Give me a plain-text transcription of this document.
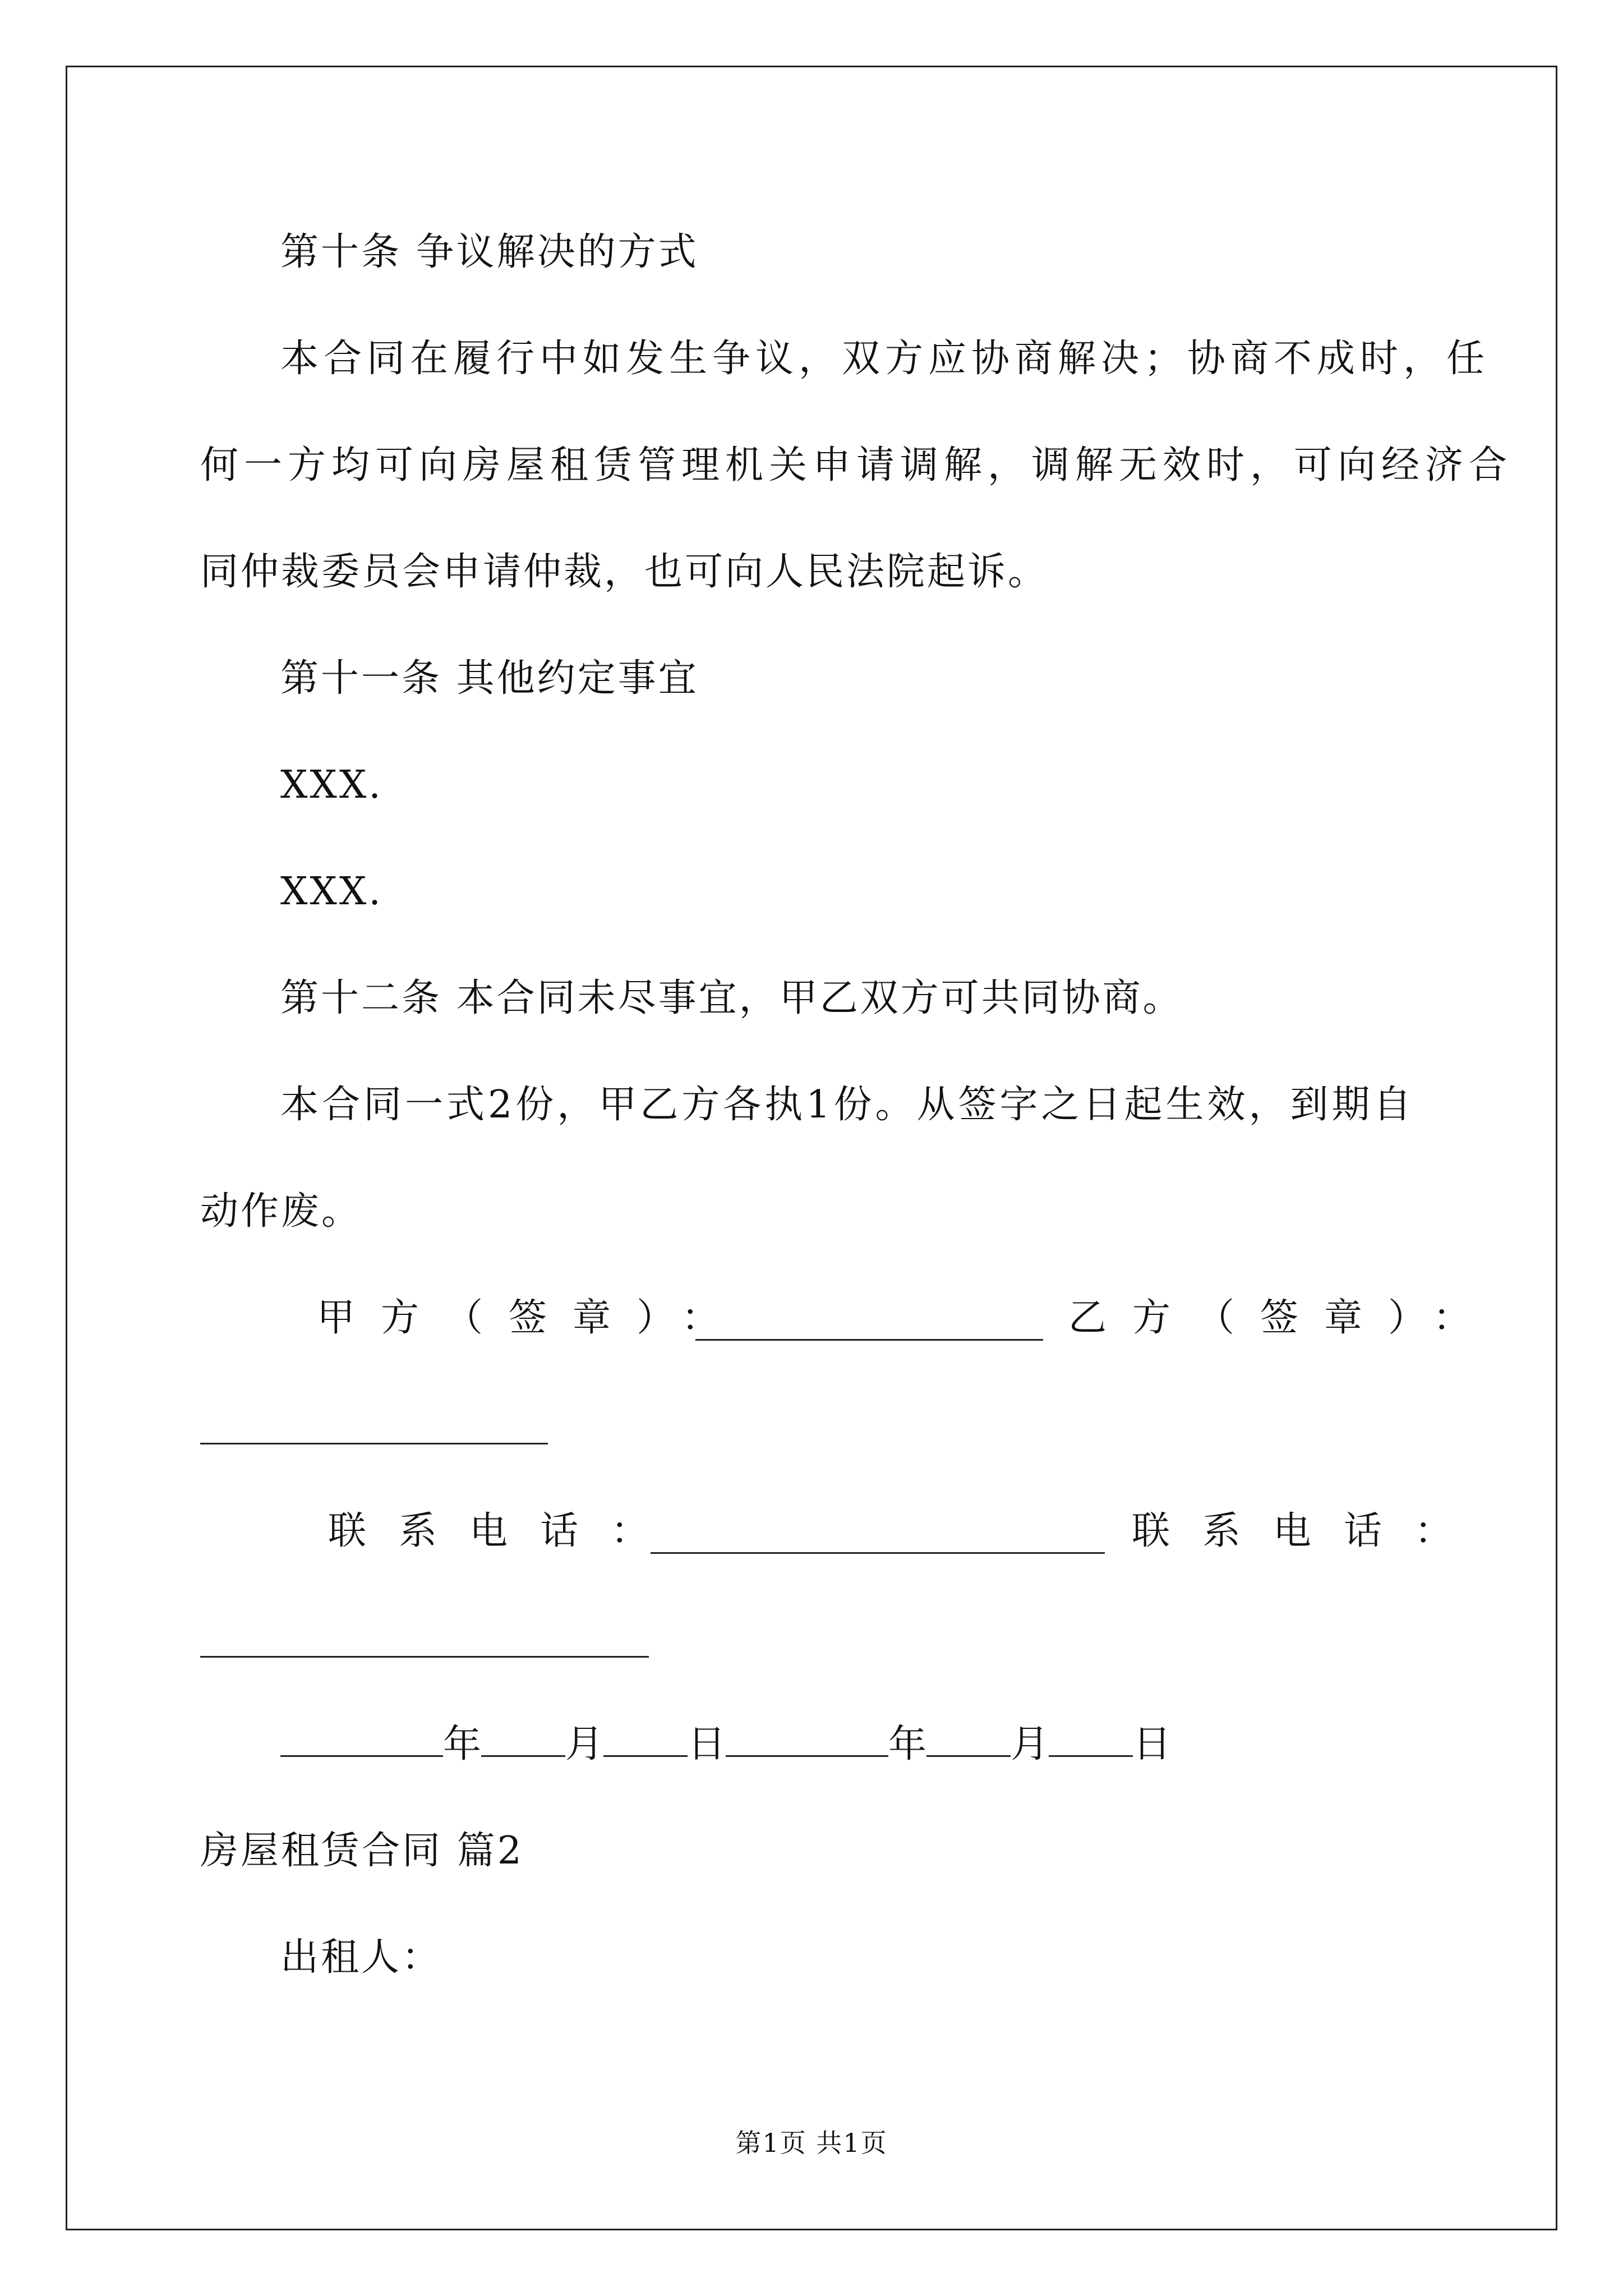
第十条 争议解决的方式
本合同在履行中如发生争议，双方应协商解决；协商不成时，任
何一方均可向房屋租赁管理机关申请调解，调解无效时，可向经济合
同仲裁委员会申请仲裁，也可向人民法院起诉。
第十一条 其他约定事宜
XXX.
XXX.
第十二条 本合同未尽事宜，甲乙双方可共同协商。
本合同一式2份，甲乙方各执1份。从签字之日起生效，到期自
动作废。
甲方（签章）：	乙方（签章）：
联系电话：	联系电话：
年 月 日	年 月 日
房屋租赁合同 篇2
出租人：
第1页 共1页
